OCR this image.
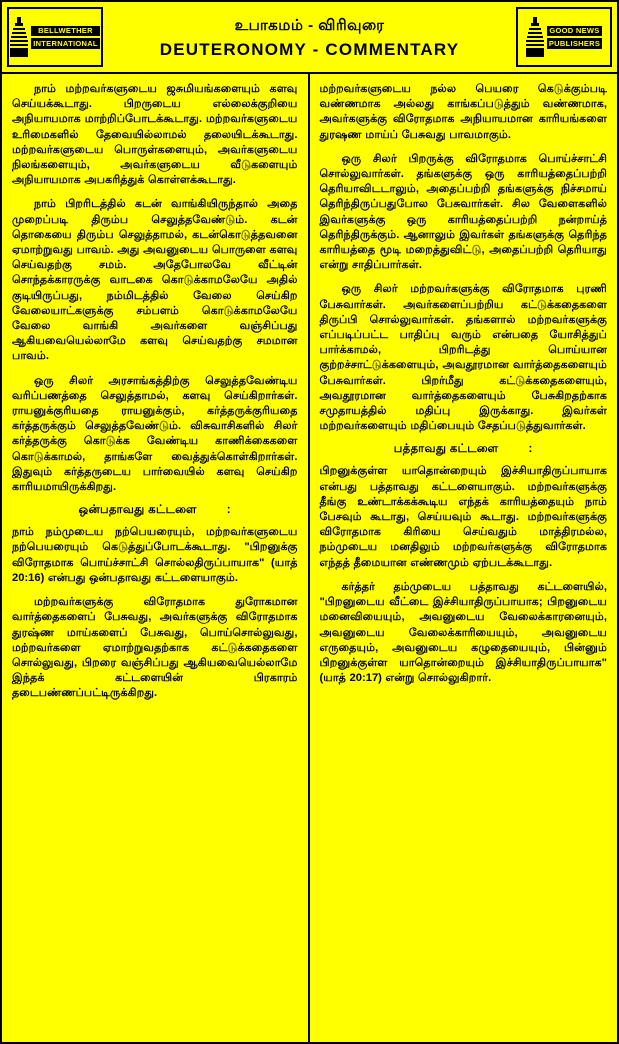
BELLWETHER
INTERNATIONAL
உபாகமம் - விரிவுரை
DEUTERONOMY - COMMENTARY
GOOD NEWS
PUBLISHERS

நாம் மற்றவர்களுடைய ஜசுமியங்களையும் களவு செய்யக்கூடாது. பிறருடைய எல்லைக்குறியை அநியாயமாக மாற்றிப்போடக்கூடாது. மற்றவர்களுடைய உரிமைகளில் தேவையில்லாமல் தலையிடக்கூடாது. மற்றவர்களுடைய பொருள்களையும், அவர்களுடைய நிலங்களையும், அவர்களுடைய வீடுகளையும் அநியாயமாக அபகரித்துக் கொள்ளக்கூடாது.

நாம் பிறரிடத்தில் கடன் வாங்கியிருந்தால் அதை முறைப்படி திரும்ப செலுத்தவேண்டும். கடன் தொகையை திரும்ப செலுத்தாமல், கடன்கொடுத்தவனை ஏமாற்றுவது பாவம். அது அவனுடைய பொருளை களவு செய்வதற்கு சமம். அதேபோலவே வீட்டின் சொந்தக்காரருக்கு வாடகை கொடுக்காமலேயே அதில் குடியிருப்பது, நம்மிடத்தில் வேலை செய்கிற வேலையாட்களுக்கு சம்பளம் கொடுக்காமலேயே வேலை வாங்கி அவர்களை வஞ்சிப்பது ஆகியவையெல்லாமே களவு செய்வதற்கு சமமான பாவம்.

ஒரு சிலர் அரசாங்கத்திற்கு செலுத்தவேண்டிய வரிப்பணத்தை செலுத்தாமல், களவு செய்கிறார்கள். ராயனுக்குரியதை ராயனுக்கும், கர்த்தருக்குரியதை கர்த்தருக்கும் செலுத்தவேண்டும். விசுவாசிகளில் சிலர் கர்த்தருக்கு கொடுக்க வேண்டிய காணிக்கைகளை கொடுக்காமல், தாங்களே வைத்துக்கொள்கிறார்கள். இதுவும் கர்த்தருடைய பார்வையில் களவு செய்கிற காரியமாயிருக்கிறது.

ஒன்பதாவது கட்டளை	:

நாம் நம்முடைய நற்பெயரையும், மற்றவர்களுடைய நற்பெயரையும் கெடுத்துப்போடக்கூடாது. "பிறனுக்கு விரோதமாக பொய்ச்சாட்சி சொல்லதிருப்பாயாக" (யாத் 20:16) என்பது ஒன்பதாவது கட்டளையாகும்.

மற்றவர்களுக்கு விரோதமாக துரோகமான வார்த்தைகளைப் பேசுவது, அவர்களுக்கு விரோதமாக துரஷ்ண மாய்களைப் பேசுவது, பொய்சொல்லுவது, மற்றவர்களை ஏமாற்றுவதற்காக கட்டுக்கதைகளை சொல்லுவது, பிறரை வஞ்சிப்பது ஆகியவையெல்லாமே இந்தக் கட்டளையின் பிரகாரம் தடைபண்ணப்பட்டிருக்கிறது.

மற்றவர்களுடைய நல்ல பெயரை கெடுக்கும்படி வண்ணமாக அல்லது காங்கப்படுத்தும் வண்ணமாக, அவர்களுக்கு விரோதமாக அநியாயமான காரியங்களை துரஷண மாய்ப் பேசுவது பாவமாகும்.

ஒரு சிலர் பிறருக்கு விரோதமாக பொய்ச்சாட்சி சொல்லுவார்கள். தங்களுக்கு ஒரு காரியத்தைப்பற்றி தெரியாவிடடாலும், அதைப்பற்றி தங்களுக்கு நிச்சமாய் தெரிந்திருப்பதுபோல பேசுவார்கள். சில வேளைகளில் இவர்களுக்கு ஒரு காரியத்தைப்பற்றி நன்றாய்த் தெரிந்திருக்கும். ஆனாலும் இவர்கள் தங்களுக்கு தெரிந்த காரியத்தை மூடி மறைத்துவிட்டு, அதைப்பற்றி தெரியாது என்று சாதிப்பார்கள்.

ஒரு சிலர் மற்றவர்களுக்கு விரோதமாக புரணி பேசுவார்கள். அவர்களைப்பற்றிய கட்டுக்கதைகளை திருப்பி சொல்லுவார்கள். தங்களால் மற்றவர்களுக்கு எப்படிப்பட்ட பாதிப்பு வரும் என்பதை யோசித்துப் பார்க்காமல், பிறரிடத்து பொய்யான குற்றச்சாட்டுக்களையும், அவதூரமான வார்த்தைகளையும் பேசுவார்கள். பிறர்மீது கட்டுக்கதைகளையும், அவதூரமான வார்த்தைகளையும் பேசுகிறதற்காக சமுதாயத்தில் மதிப்பு இருக்காது. இவர்கள் மற்றவர்களையும் மதிப்பையும் சேதப்படுத்துவார்கள்.

பத்தாவது கட்டளை	:

பிறனுக்குள்ள யாதொன்றையும் இச்சியாதிருப்பாயாக என்பது பத்தாவது கட்டளையாகும். மற்றவர்களுக்கு தீங்கு உண்டாக்கக்கூடிய எந்தக் காரியத்தையும் நாம் பேசவும் கூடாது, செய்யவும் கூடாது. மற்றவர்களுக்கு விரோதமாக கிரியை செய்வதும் மாத்திரமல்ல, நம்முடைய மனதிலும் மற்றவர்களுக்கு விரோதமாக எந்தத் தீமையான எண்ணமும் ஏற்படக்கூடாது.

கர்த்தர் தம்முடைய பத்தாவது கட்டளையில், "பிறனுடைய வீட்டை இச்சியாதிருப்பாயாக; பிறனுடைய மனைவியையும், அவனுடைய வேலைக்காரனையும், அவனுடைய வேலைக்காரியையும், அவனுடைய எருதையும், அவனுடைய கழுதையையும், பின்னும் பிறனுக்குள்ள யாதொன்றையும் இச்சியாதிருப்பாயாக" (யாத் 20:17) என்று சொல்லுகிறார்.
